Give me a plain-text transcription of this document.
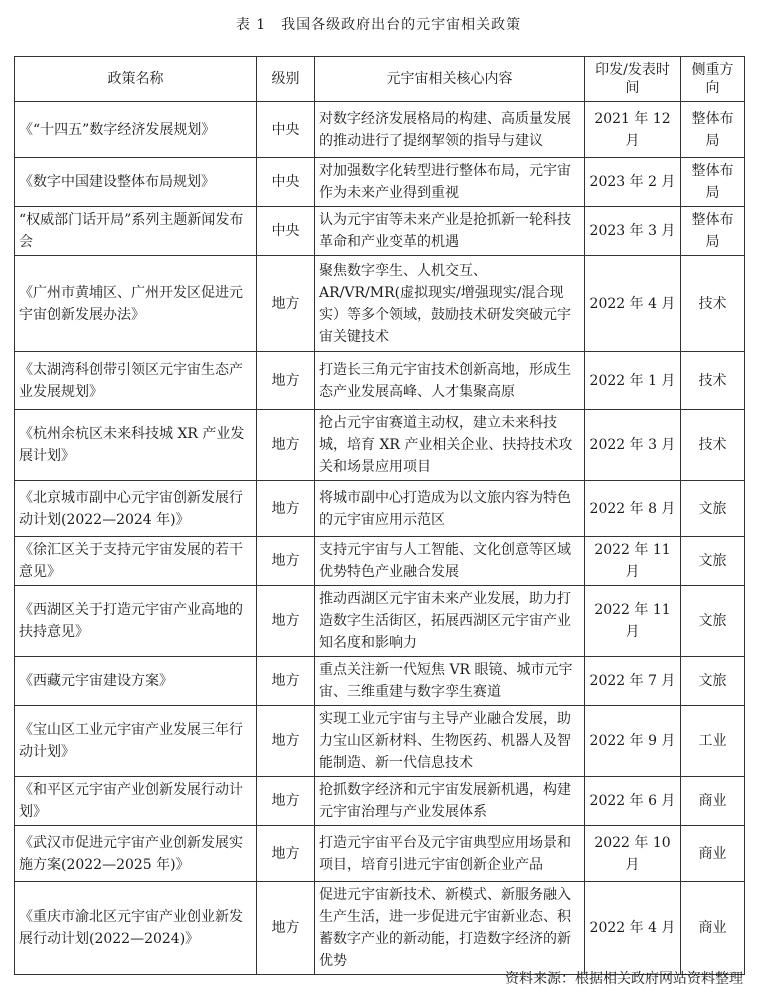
表 1　我国各级政府出台的元宇宙相关政策
政策名称	级别	元宇宙相关核心内容	印发/发表时间	侧重方向
《“十四五”数字经济发展规划》	中央	对数字经济发展格局的构建、高质量发展的推动进行了提纲挈领的指导与建议	2021 年 12月	整体布局
《数字中国建设整体布局规划》	中央	对加强数字化转型进行整体布局，元宇宙作为未来产业得到重视	2023 年 2 月	整体布局
“权威部门话开局”系列主题新闻发布会	中央	认为元宇宙等未来产业是抢抓新一轮科技革命和产业变革的机遇	2023 年 3 月	整体布局
《广州市黄埔区、广州开发区促进元宇宙创新发展办法》	地方	聚焦数字孪生、人机交互、AR/VR/MR(虚拟现实/增强现实/混合现实）等多个领域，鼓励技术研发突破元宇宙关键技术	2022 年 4 月	技术
《太湖湾科创带引领区元宇宙生态产业发展规划》	地方	打造长三角元宇宙技术创新高地，形成生态产业发展高峰、人才集聚高原	2022 年 1 月	技术
《杭州余杭区未来科技城 XR 产业发展计划》	地方	抢占元宇宙赛道主动权，建立未来科技城，培育 XR 产业相关企业、扶持技术攻关和场景应用项目	2022 年 3 月	技术
《北京城市副中心元宇宙创新发展行动计划(2022—2024 年)》	地方	将城市副中心打造成为以文旅内容为特色的元宇宙应用示范区	2022 年 8 月	文旅
《徐汇区关于支持元宇宙发展的若干意见》	地方	支持元宇宙与人工智能、文化创意等区域优势特色产业融合发展	2022 年 11月	文旅
《西湖区关于打造元宇宙产业高地的扶持意见》	地方	推动西湖区元宇宙未来产业发展，助力打造数字生活街区，拓展西湖区元宇宙产业知名度和影响力	2022 年 11月	文旅
《西藏元宇宙建设方案》	地方	重点关注新一代短焦 VR 眼镜、城市元宇宙、三维重建与数字孪生赛道	2022 年 7 月	文旅
《宝山区工业元宇宙产业发展三年行动计划》	地方	实现工业元宇宙与主导产业融合发展，助力宝山区新材料、生物医药、机器人及智能制造、新一代信息技术	2022 年 9 月	工业
《和平区元宇宙产业创新发展行动计划》	地方	抢抓数字经济和元宇宙发展新机遇，构建元宇宙治理与产业发展体系	2022 年 6 月	商业
《武汉市促进元宇宙产业创新发展实施方案(2022—2025 年)》	地方	打造元宇宙平台及元宇宙典型应用场景和项目，培育引进元宇宙创新企业产品	2022 年 10月	商业
《重庆市渝北区元宇宙产业创业新发展行动计划(2022—2024)》	地方	促进元宇宙新技术、新模式、新服务融入生产生活，进一步促进元宇宙新业态、积蓄数字产业的新动能，打造数字经济的新优势	2022 年 4 月	商业
资料来源：根据相关政府网站资料整理
